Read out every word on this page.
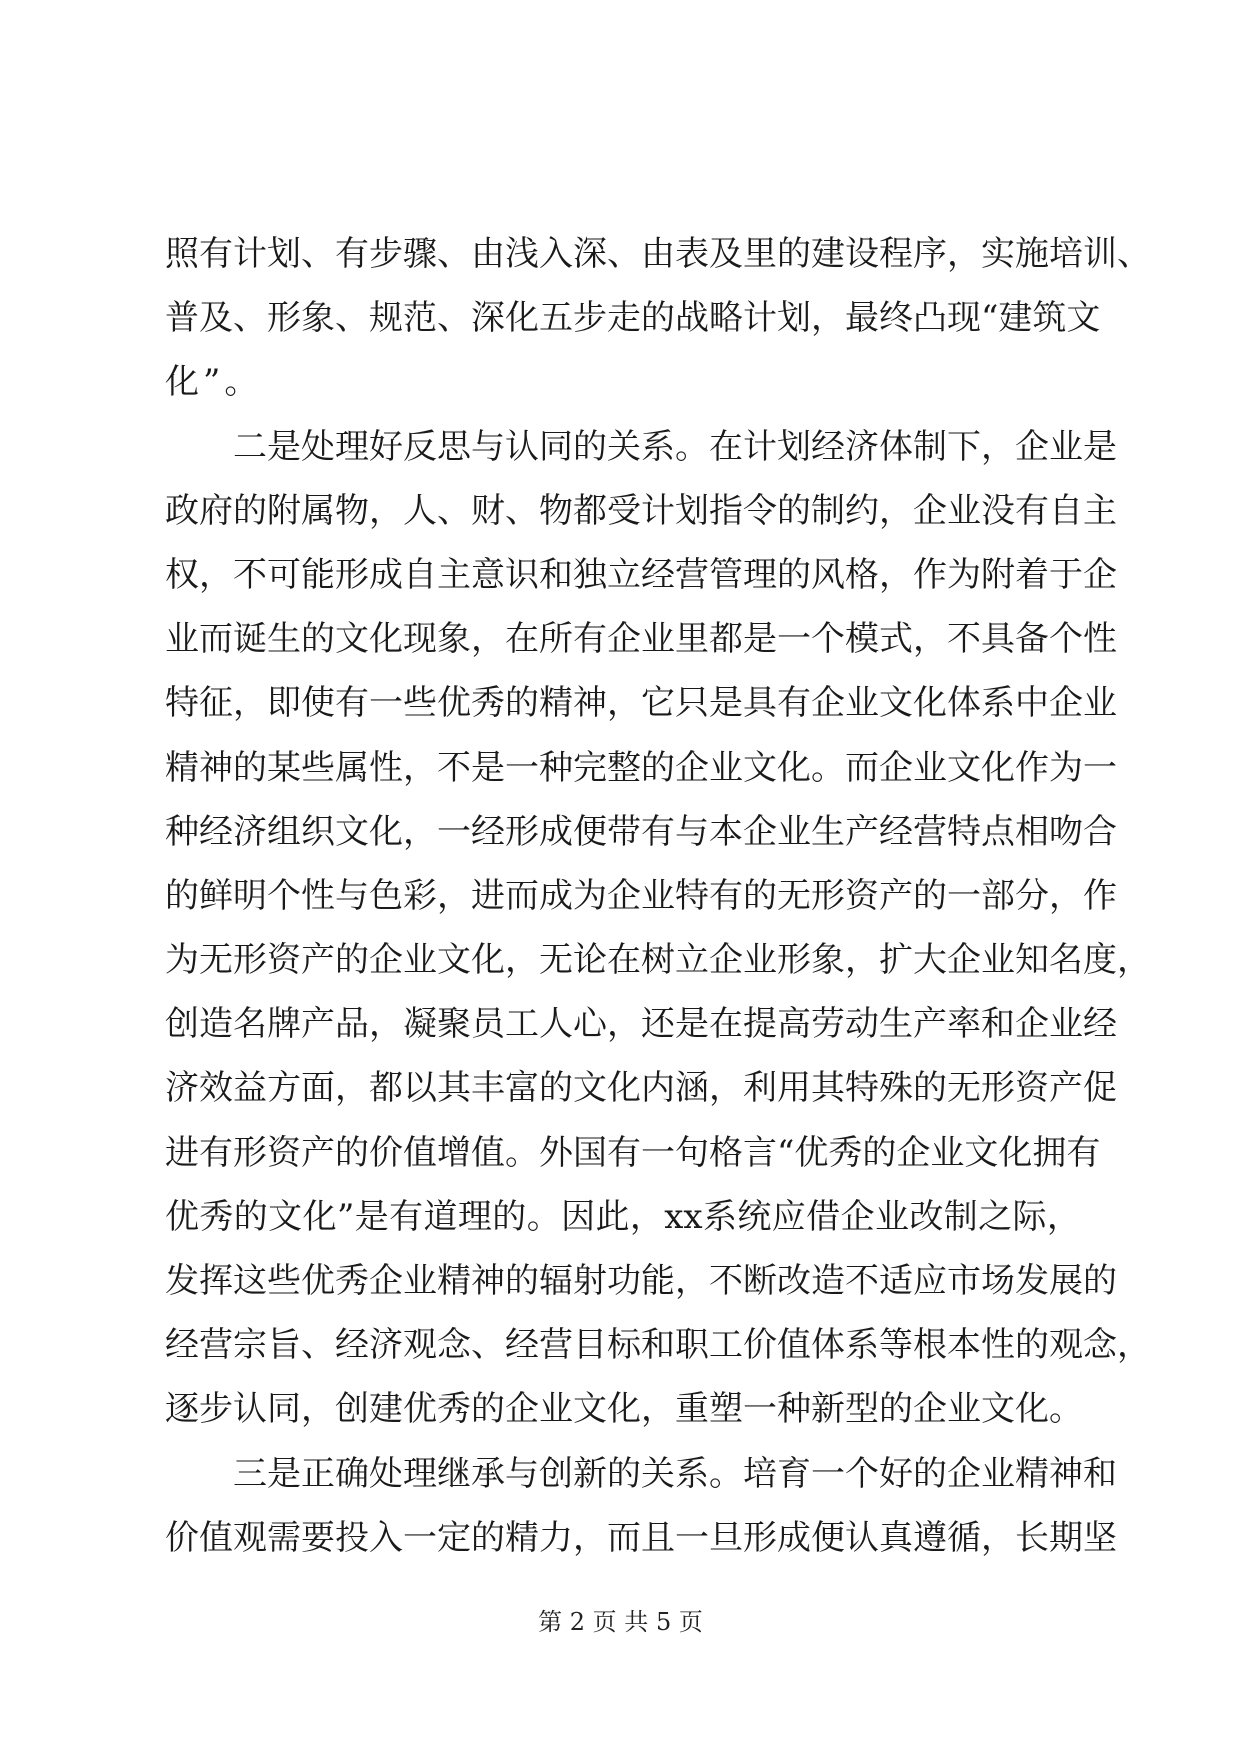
照 有 计 划 、 有 步 骤 、 由 浅 入 深 、 由 表 及 里 的 建 设 程 序 ， 实 施 培 训 、
普 及 、 形 象 、 规 范 、 深 化 五 步 走 的 战 略 计 划 ， 最 终 凸 现 “ 建 筑 文
化 ” 。
二 是 处 理 好 反 思 与 认 同 的 关 系 。 在 计 划 经 济 体 制 下 ， 企 业 是
政 府 的 附 属 物 ， 人 、 财 、 物 都 受 计 划 指 令 的 制 约 ， 企 业 没 有 自 主
权 ， 不 可 能 形 成 自 主 意 识 和 独 立 经 营 管 理 的 风 格 ， 作 为 附 着 于 企
业 而 诞 生 的 文 化 现 象 ， 在 所 有 企 业 里 都 是 一 个 模 式 ， 不 具 备 个 性
特 征 ， 即 使 有 一 些 优 秀 的 精 神 ， 它 只 是 具 有 企 业 文 化 体 系 中 企 业
精 神 的 某 些 属 性 ， 不 是 一 种 完 整 的 企 业 文 化 。 而 企 业 文 化 作 为 一
种 经 济 组 织 文 化 ， 一 经 形 成 便 带 有 与 本 企 业 生 产 经 营 特 点 相 吻 合
的 鲜 明 个 性 与 色 彩 ， 进 而 成 为 企 业 特 有 的 无 形 资 产 的 一 部 分 ， 作
为 无 形 资 产 的 企 业 文 化 ， 无 论 在 树 立 企 业 形 象 ， 扩 大 企 业 知 名 度 ，
创 造 名 牌 产 品 ， 凝 聚 员 工 人 心 ， 还 是 在 提 高 劳 动 生 产 率 和 企 业 经
济 效 益 方 面 ， 都 以 其 丰 富 的 文 化 内 涵 ， 利 用 其 特 殊 的 无 形 资 产 促
进 有 形 资 产 的 价 值 增 值 。 外 国 有 一 句 格 言 “ 优 秀 的 企 业 文 化 拥 有
优 秀 的 文 化 ” 是 有 道 理 的 。 因 此 ， xx 系 统 应 借 企 业 改 制 之 际 ，
发 挥 这 些 优 秀 企 业 精 神 的 辐 射 功 能 ， 不 断 改 造 不 适 应 市 场 发 展 的
经 营 宗 旨 、 经 济 观 念 、 经 营 目 标 和 职 工 价 值 体 系 等 根 本 性 的 观 念 ，
逐 步 认 同 ， 创 建 优 秀 的 企 业 文 化 ， 重 塑 一 种 新 型 的 企 业 文 化 。
三 是 正 确 处 理 继 承 与 创 新 的 关 系 。 培 育 一 个 好 的 企 业 精 神 和
价 值 观 需 要 投 入 一 定 的 精 力 ， 而 且 一 旦 形 成 便 认 真 遵 循 ， 长 期 坚
第 2 页 共 5 页
